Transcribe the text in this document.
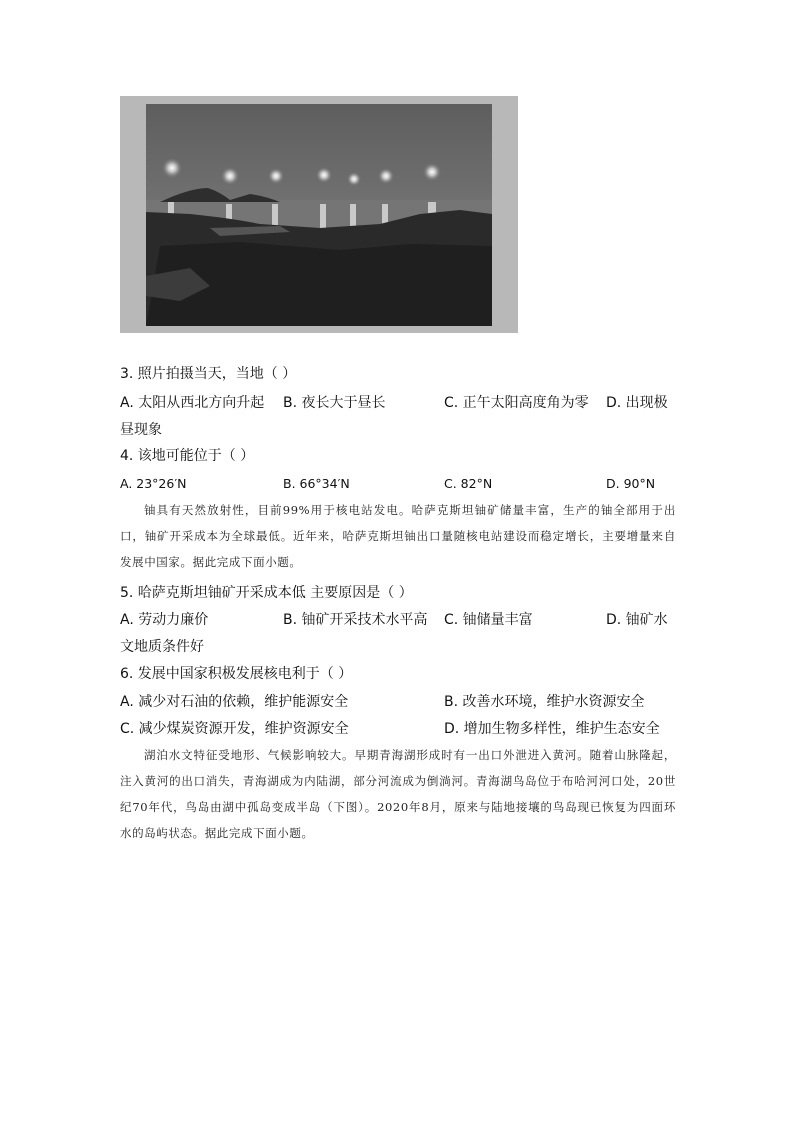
3. 照片拍摄当天，当地（ ）
A. 太阳从西北方向升起 B. 夜长大于昼长	C. 正午太阳高度角为零 D. 出现极
昼现象
4. 该地可能位于（ ）
A. 23°26′N	B. 66°34′N	C. 82°N	D. 90°N
铀具有天然放射性，目前99%用于核电站发电。哈萨克斯坦铀矿储量丰富，生产的铀全部用于出口，铀矿开采成本为全球最低。近年来，哈萨克斯坦铀出口量随核电站建设而稳定增长，主要增量来自发展中国家。据此完成下面小题。
5. 哈萨克斯坦铀矿开采成本低 主要原因是（ ）
A. 劳动力廉价	B. 铀矿开采技术水平高 C. 铀储量丰富	D. 铀矿水
文地质条件好
6. 发展中国家积极发展核电利于（ ）
A. 减少对石油的依赖，维护能源安全	B. 改善水环境，维护水资源安全
C. 减少煤炭资源开发，维护资源安全	D. 增加生物多样性，维护生态安全
湖泊水文特征受地形、气候影响较大。早期青海湖形成时有一出口外泄进入黄河。随着山脉隆起，注入黄河的出口消失，青海湖成为内陆湖，部分河流成为倒淌河。青海湖鸟岛位于布哈河河口处，20世纪70年代，鸟岛由湖中孤岛变成半岛（下图）。2020年8月，原来与陆地接壤的鸟岛现已恢复为四面环水的岛屿状态。据此完成下面小题。
